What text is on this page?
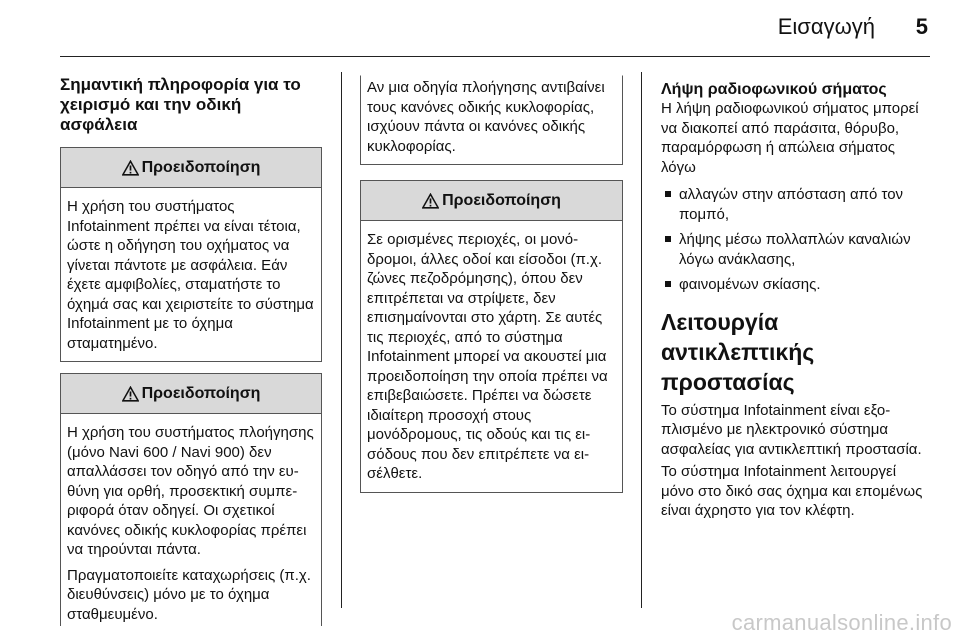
Εισαγωγή 5
Σημαντική πληροφορία για το χειρισμό και την οδική ασφάλεια
Προειδοποίηση

Η χρήση του συστήματος Infotainment πρέπει να είναι τέτοια, ώστε η οδήγηση του οχήματος να γίνεται πάντοτε με ασφάλεια. Εάν έχετε αμφιβολίες, σταματήστε το όχημά σας και χειριστείτε το σύστημα Infotainment με το όχημα σταματημένο.

Προειδοποίηση

Η χρήση του συστήματος πλοήγησης (μόνο Navi 600 / Navi 900) δεν απαλλάσσει τον οδηγό από την ευθύνη για ορθή, προσεκτική συμπεριφορά όταν οδηγεί. Οι σχετικοί κανόνες οδικής κυκλοφορίας πρέπει να τηρούνται πάντα.

Πραγματοποιείτε καταχωρήσεις (π.χ. διευθύνσεις) μόνο με το όχημα σταθμευμένο.

Αν μια οδηγία πλοήγησης αντιβαίνει τους κανόνες οδικής κυκλοφορίας, ισχύουν πάντα οι κανόνες οδικής κυκλοφορίας.

Προειδοποίηση

Σε ορισμένες περιοχές, οι μονόδρομοι, άλλες οδοί και είσοδοι (π.χ. ζώνες πεζοδρόμησης), όπου δεν επιτρέπεται να στρίψετε, δεν επισημαίνονται στο χάρτη. Σε αυτές τις περιοχές, από το σύστημα Infotainment μπορεί να ακουστεί μια προειδοποίηση την οποία πρέπει να επιβεβαιώσετε. Πρέπει να δώσετε ιδιαίτερη προσοχή στους μονόδρομους, τις οδούς και τις εισόδους που δεν επιτρέπετε να εισέλθετε.

Λήψη ραδιοφωνικού σήματος

Η λήψη ραδιοφωνικού σήματος μπορεί να διακοπεί από παράσιτα, θόρυβο, παραμόρφωση ή απώλεια σήματος λόγω

αλλαγών στην απόσταση από τον πομπό,
λήψης μέσω πολλαπλών καναλιών λόγω ανάκλασης,
φαινομένων σκίασης.
Λειτουργία αντικλεπτικής προστασίας

Το σύστημα Infotainment είναι εξοπλισμένο με ηλεκτρονικό σύστημα ασφαλείας για αντικλεπτική προστασία.

Το σύστημα Infotainment λειτουργεί μόνο στο δικό σας όχημα και επομένως είναι άχρηστο για τον κλέφτη.

carmanualsonline.info
